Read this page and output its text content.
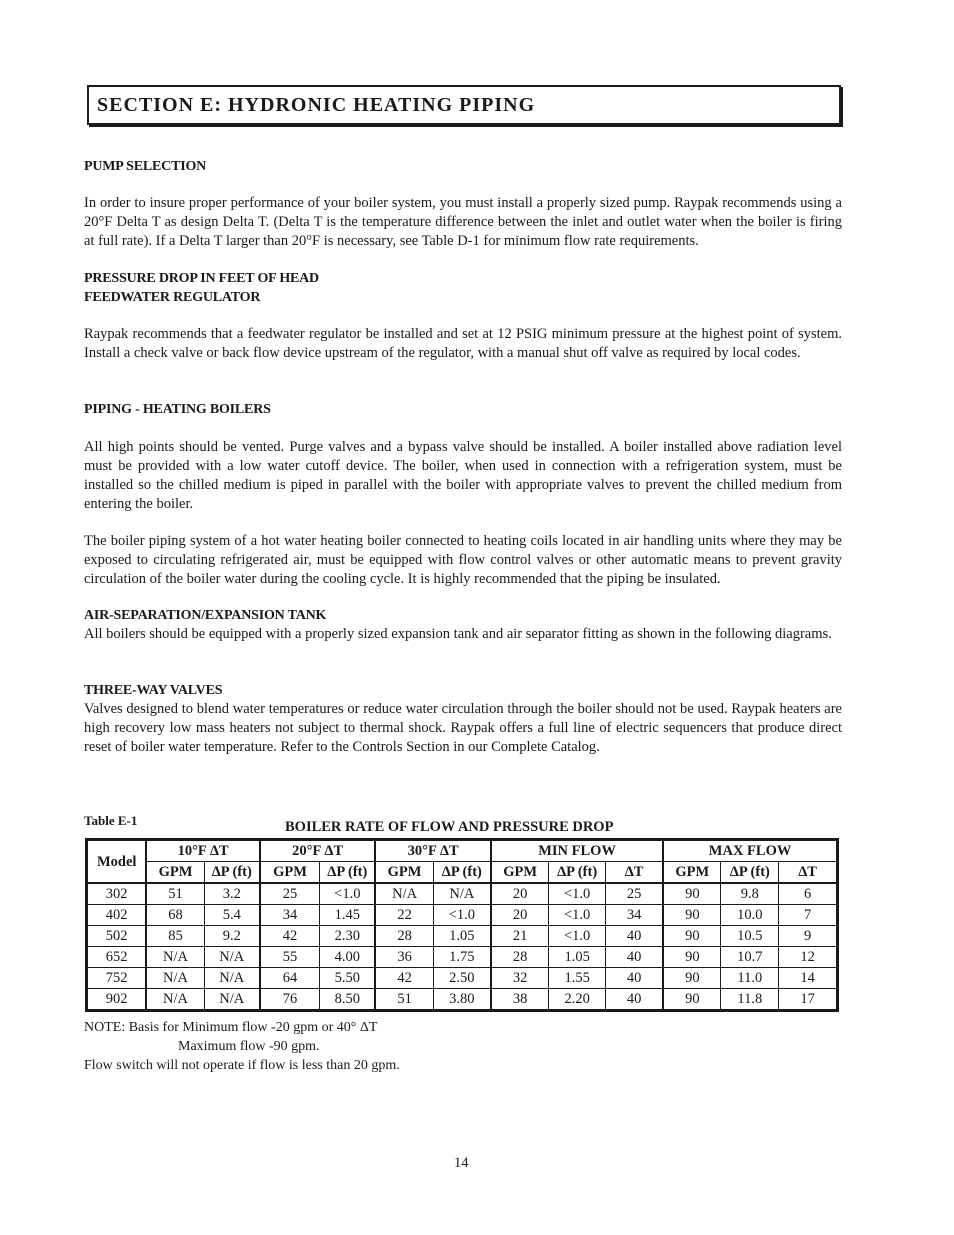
SECTION E: HYDRONIC HEATING PIPING
PUMP SELECTION
In order to insure proper performance of your boiler system, you must install a properly sized pump. Raypak recommends using a 20°F Delta T as design Delta T. (Delta T is the temperature difference between the inlet and outlet water when the boiler is firing at full rate). If a Delta T larger than 20°F is necessary, see Table D-1 for minimum flow rate requirements.
PRESSURE DROP IN FEET OF HEAD
FEEDWATER REGULATOR
Raypak recommends that a feedwater regulator be installed and set at 12 PSIG minimum pressure at the highest point of system. Install a check valve or back flow device upstream of the regulator, with a manual shut off valve as required by local codes.
PIPING - HEATING BOILERS
All high points should be vented. Purge valves and a bypass valve should be installed. A boiler installed above radiation level must be provided with a low water cutoff device. The boiler, when used in connection with a refrigeration system, must be installed so the chilled medium is piped in parallel with the boiler with appropriate valves to prevent the chilled medium from entering the boiler.
The boiler piping system of a hot water heating boiler connected to heating coils located in air handling units where they may be exposed to circulating refrigerated air, must be equipped with flow control valves or other automatic means to prevent gravity circulation of the boiler water during the cooling cycle. It is highly recommended that the piping be insulated.
AIR-SEPARATION/EXPANSION TANK
All boilers should be equipped with a properly sized expansion tank and air separator fitting as shown in the following diagrams.
THREE-WAY VALVES
Valves designed to blend water temperatures or reduce water circulation through the boiler should not be used. Raypak heaters are high recovery low mass heaters not subject to thermal shock. Raypak offers a full line of electric sequencers that produce direct reset of boiler water temperature. Refer to the Controls Section in our Complete Catalog.
Table E-1	BOILER RATE OF FLOW AND PRESSURE DROP
Model	10°F ΔT		20°F ΔT		30°F ΔT		MIN FLOW			MAX FLOW		
	GPM	ΔP (ft)	GPM	ΔP (ft)	GPM	ΔP (ft)	GPM	ΔP (ft)	ΔT	GPM	ΔP (ft)	ΔT
302	51	3.2	25	<1.0	N/A	N/A	20	<1.0	25	90	9.8	6
402	68	5.4	34	1.45	22	<1.0	20	<1.0	34	90	10.0	7
502	85	9.2	42	2.30	28	1.05	21	<1.0	40	90	10.5	9
652	N/A	N/A	55	4.00	36	1.75	28	1.05	40	90	10.7	12
752	N/A	N/A	64	5.50	42	2.50	32	1.55	40	90	11.0	14
902	N/A	N/A	76	8.50	51	3.80	38	2.20	40	90	11.8	17
NOTE: Basis for Minimum flow -20 gpm or 40° ΔT
Maximum flow -90 gpm.
Flow switch will not operate if flow is less than 20 gpm.
14
